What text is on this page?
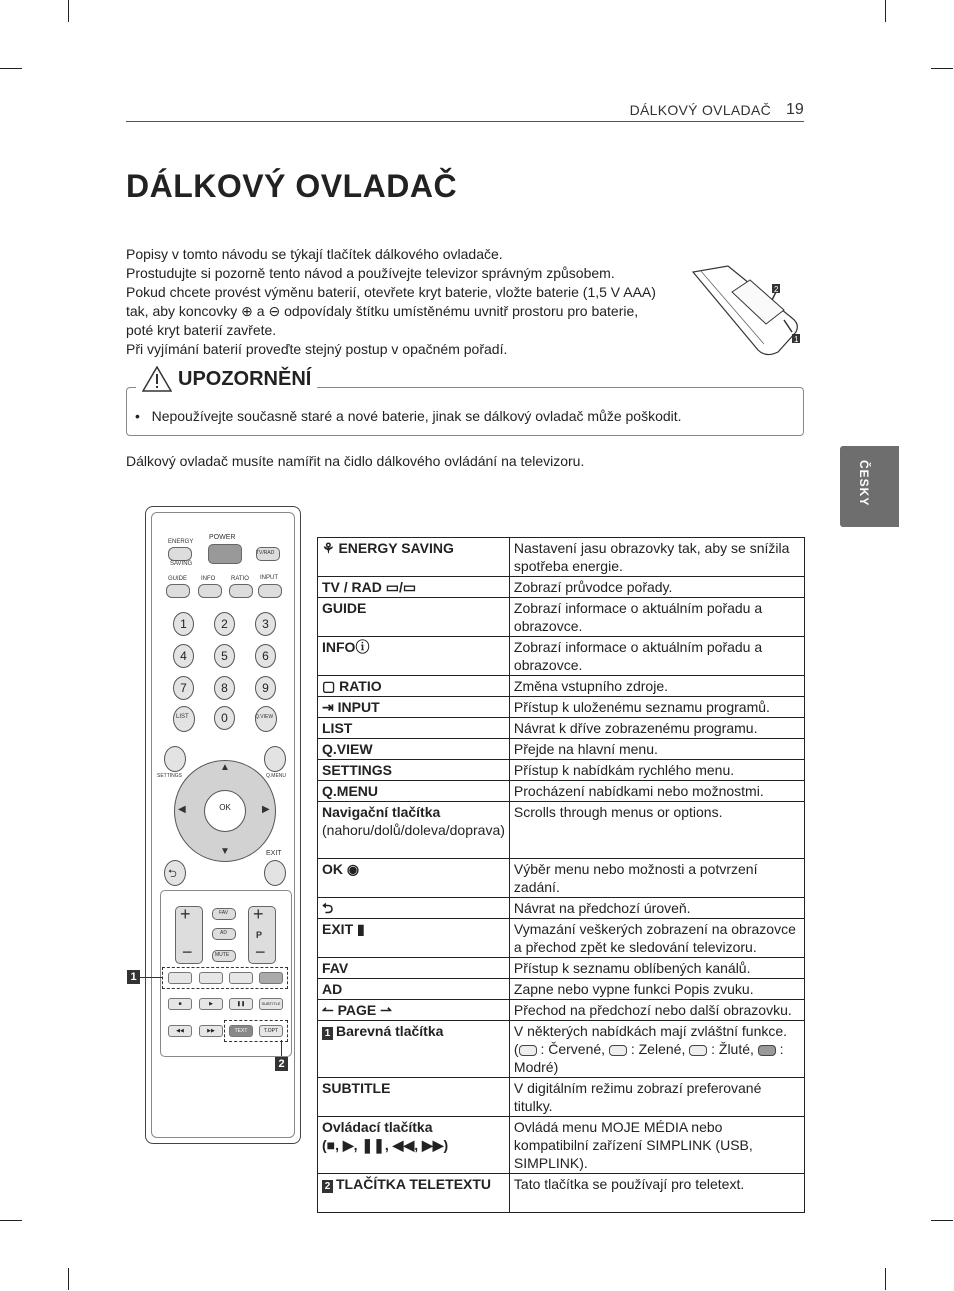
DÁLKOVÝ OVLADAČ 19
DÁLKOVÝ OVLADAČ
Popisy v tomto návodu se týkají tlačítek dálkového ovladače.
Prostudujte si pozorně tento návod a používejte televizor správným způsobem.
Pokud chcete provést výměnu baterií, otevřete kryt baterie, vložte baterie (1,5 V AAA)
tak, aby koncovky ⊕ a ⊖ odpovídaly štítku umístěnému uvnitř prostoru pro baterie,
poté kryt baterií zavřete.
Při vyjímání baterií proveďte stejný postup v opačném pořadí.
2
1
UPOZORNĚNÍ
•   Nepoužívejte současně staré a nové baterie, jinak se dálkový ovladač může poškodit.
Dálkový ovladač musíte namířit na čidlo dálkového ovládání na televizoru.	ČESKY
ENERGY
SAVING
POWER
TV/RAD
GUIDE INFO	RATIO INPUT
1	2	3
4	5	6
7	8	9
LIST	0	Q.VIEW
SETTINGS	Q.MENU
▲
▼
◀	▶
OK
⮌
EXIT
+
−
FAV
AD
MUTE
+
P
−
1
■	▶	❚❚	SUBTITLE
◀◀	▶▶	TEXT	T.OPT
2
⚘ ENERGY SAVING	Nastavení jasu obrazovky tak, aby se snížila spotřeba energie.
TV / RAD ▭/▭	Zobrazí průvodce pořady.
GUIDE	Zobrazí informace o aktuálním pořadu a obrazovce.
INFOⓘ	Zobrazí informace o aktuálním pořadu a obrazovce.
▢ RATIO	Změna vstupního zdroje.
⇥ INPUT	Přístup k uloženému seznamu programů.
LIST	Návrat k dříve zobrazenému programu.
Q.VIEW	Přejde na hlavní menu.
SETTINGS	Přístup k nabídkám rychlého menu.
Q.MENU	Procházení nabídkami nebo možnostmi.

Navigační tlačítka
(nahoru/dolů/doleva/doprava)	Scrolls through menus or options.
OK ◉	Výběr menu nebo možnosti a potvrzení zadání.
⮌	Návrat na předchozí úroveň.
EXIT ▮	Vymazání veškerých zobrazení na obrazovce a přechod zpět ke sledování televizoru.
FAV	Přístup k seznamu oblíbených kanálů.
AD	Zapne nebo vypne funkci Popis zvuku.
↼ PAGE ⇀	Přechod na předchozí nebo další obrazovku.
1 Barevná tlačítka	V některých nabídkách mají zvláštní funkce.
( : Červené,  : Zelené,  : Žluté,  : Modré)

SUBTITLE	V digitálním režimu zobrazí preferované titulky.

Ovládací tlačítka
(■, ▶, ❚❚, ◀◀, ▶▶)	Ovládá menu MOJE MÉDIA nebo kompatibilní zařízení SIMPLINK (USB, SIMPLINK).
2 TLAČÍTKA TELETEXTU	Tato tlačítka se používají pro teletext.
